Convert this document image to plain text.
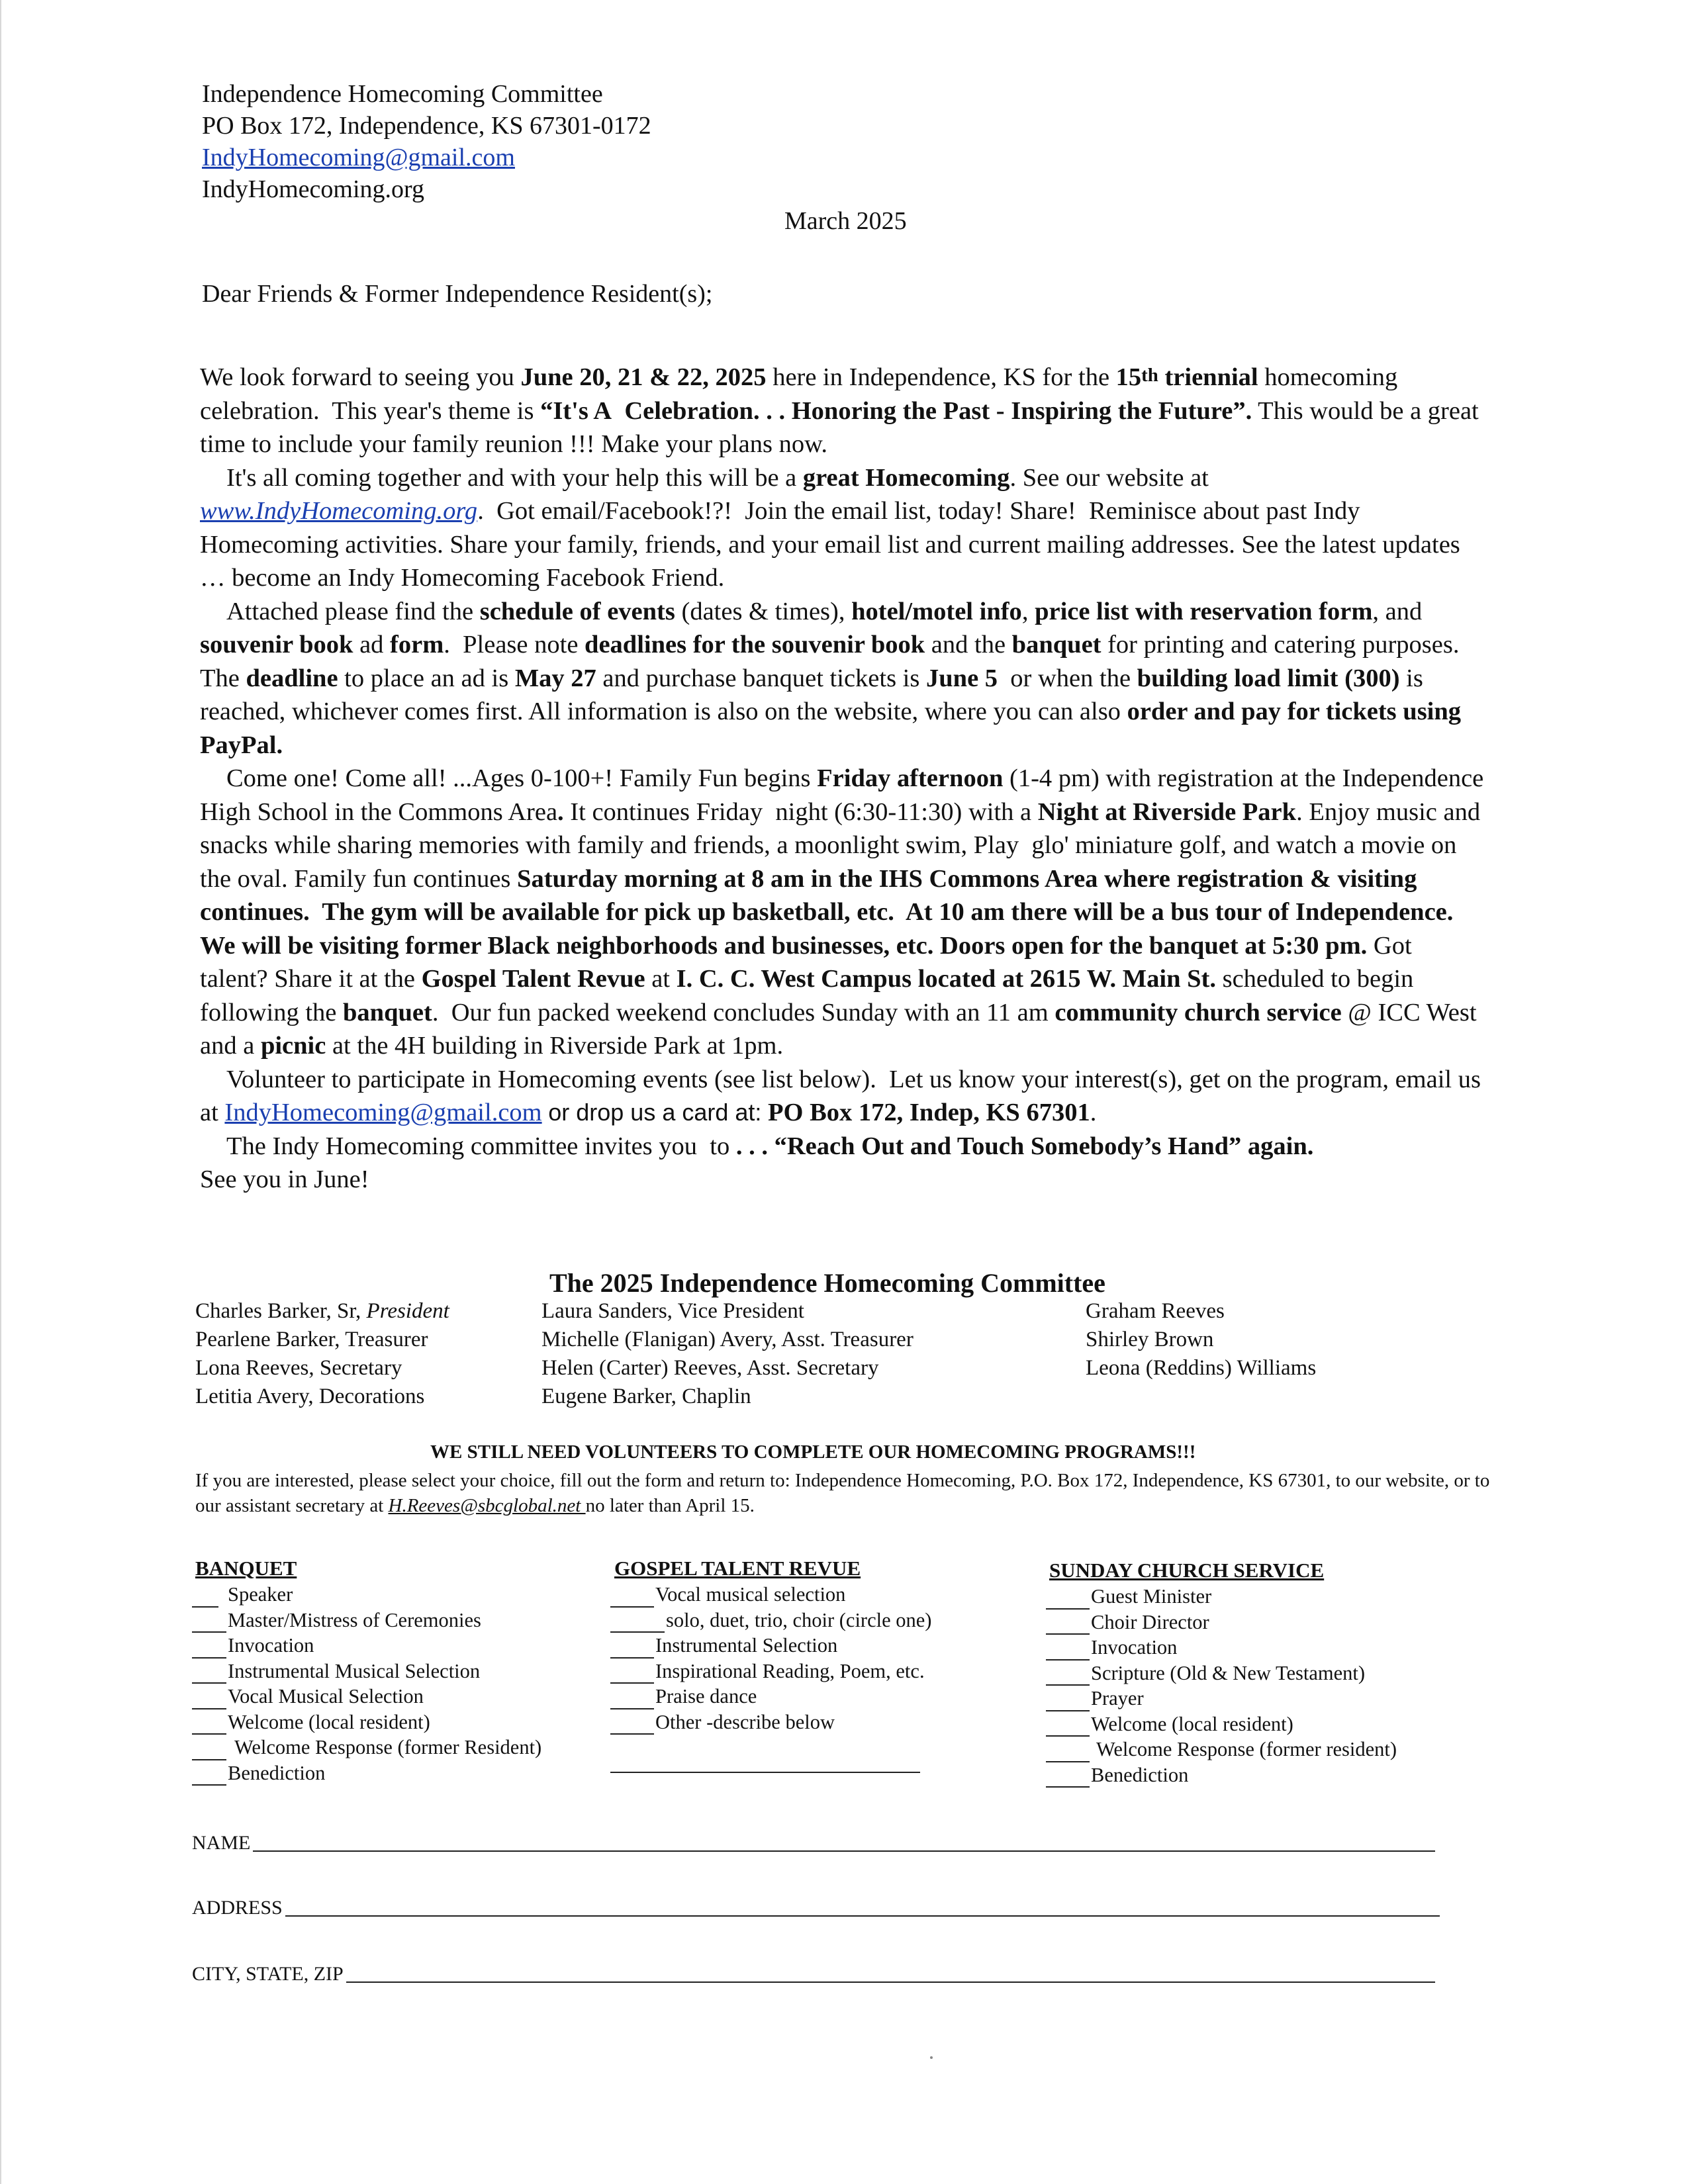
Independence Homecoming Committee
PO Box 172, Independence, KS 67301-0172
IndyHomecoming@gmail.com
IndyHomecoming.org
March 2025
Dear Friends & Former Independence Resident(s);

We look forward to seeing you June 20, 21 & 22, 2025 here in Independence, KS for the 15th triennial homecoming celebration.  This year's theme is “It's A  Celebration. . . Honoring the Past - Inspiring the Future”. This would be a great time to include your family reunion !!! Make your plans now.

It's all coming together and with your help this will be a great Homecoming. See our website at www.IndyHomecoming.org.  Got email/Facebook!?!  Join the email list, today! Share!  Reminisce about past Indy Homecoming activities. Share your family, friends, and your email list and current mailing addresses. See the latest updates … become an Indy Homecoming Facebook Friend.

Attached please find the schedule of events (dates & times), hotel/motel info, price list with reservation form, and souvenir book ad form.  Please note deadlines for the souvenir book and the banquet for printing and catering purposes.  The deadline to place an ad is May 27 and purchase banquet tickets is June 5  or when the building load limit (300) is reached, whichever comes first. All information is also on the website, where you can also order and pay for tickets using PayPal.

Come one! Come all! ...Ages 0-100+! Family Fun begins Friday afternoon (1-4 pm) with registration at the Independence High School in the Commons Area. It continues Friday  night (6:30-11:30) with a Night at Riverside Park. Enjoy music and snacks while sharing memories with family and friends, a moonlight swim, Play  glo' miniature golf, and watch a movie on the oval. Family fun continues Saturday morning at 8 am in the IHS Commons Area where registration & visiting continues.  The gym will be available for pick up basketball, etc.  At 10 am there will be a bus tour of Independence. We will be visiting former Black neighborhoods and businesses, etc. Doors open for the banquet at 5:30 pm. Got talent? Share it at the Gospel Talent Revue at I. C. C. West Campus located at 2615 W. Main St. scheduled to begin following the banquet.  Our fun packed weekend concludes Sunday with an 11 am community church service @ ICC West and a picnic at the 4H building in Riverside Park at 1pm.

Volunteer to participate in Homecoming events (see list below).  Let us know your interest(s), get on the program, email us at IndyHomecoming@gmail.com or drop us a card at: PO Box 172, Indep, KS 67301.

The Indy Homecoming committee invites you  to . . . “Reach Out and Touch Somebody’s Hand” again.

See you in June!

The 2025 Independence Homecoming Committee
Charles Barker, Sr, President
Pearlene Barker, Treasurer
Lona Reeves, Secretary
Letitia Avery, Decorations
Laura Sanders, Vice President
Michelle (Flanigan) Avery, Asst. Treasurer
Helen (Carter) Reeves, Asst. Secretary
Eugene Barker, Chaplin
Graham Reeves
Shirley Brown
Leona (Reddins) Williams
WE STILL NEED VOLUNTEERS TO COMPLETE OUR HOMECOMING PROGRAMS!!!
If you are interested, please select your choice, fill out the form and return to: Independence Homecoming, P.O. Box 172, Independence, KS 67301, to our website, or to our assistant secretary at H.Reeves@sbcglobal.net no later than April 15.
BANQUET
Speaker
Master/Mistress of Ceremonies
Invocation
Instrumental Musical Selection
Vocal Musical Selection
Welcome (local resident)
Welcome Response (former Resident)
Benediction
GOSPEL TALENT REVUE
Vocal musical selection
solo, duet, trio, choir (circle one)
Instrumental Selection
Inspirational Reading, Poem, etc.
Praise dance
Other -describe below
SUNDAY CHURCH SERVICE
Guest Minister
Choir Director
Invocation
Scripture (Old & New Testament)
Prayer
Welcome (local resident)
Welcome Response (former resident)
Benediction
NAME
ADDRESS
CITY, STATE, ZIP
